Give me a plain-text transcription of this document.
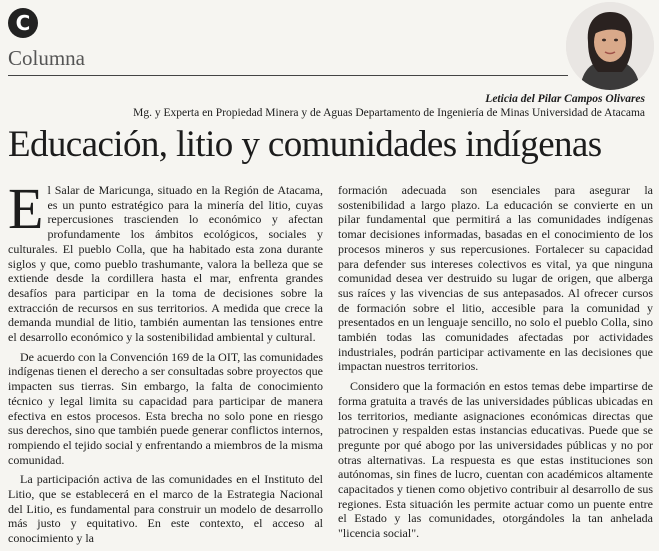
C
Columna
Leticia del Pilar Campos Olivares
Mg. y Experta en Propiedad Minera y de Aguas Departamento de Ingeniería de Minas Universidad de Atacama
Educación, litio y comunidades indígenas

E l Salar de Maricunga, situado en la Región de Atacama, es un punto estratégico para la minería del litio, cuyas repercusiones trascienden lo económico y afectan profundamente los ámbitos ecológicos, sociales y culturales. El pueblo Colla, que ha habitado esta zona durante siglos y que, como pueblo trashumante, valora la belleza que se extiende desde la cordillera hasta el mar, enfrenta grandes desafíos para participar en la toma de decisiones sobre la extracción de recursos en sus territorios. A medida que crece la demanda mundial de litio, también aumentan las tensiones entre el desarrollo económico y la sostenibilidad ambiental y cultural.

De acuerdo con la Convención 169 de la OIT, las comunidades indígenas tienen el derecho a ser consultadas sobre proyectos que impacten sus tierras. Sin embargo, la falta de conocimiento técnico y legal limita su capacidad para participar de manera efectiva en estos procesos. Esta brecha no solo pone en riesgo sus derechos, sino que también puede generar conflictos internos, rompiendo el tejido social y enfrentando a miembros de la misma comunidad.

La participación activa de las comunidades en el Instituto del Litio, que se establecerá en el marco de la Estrategia Nacional del Litio, es fundamental para construir un modelo de desarrollo más justo y equitativo. En este contexto, el acceso al conocimiento y la

formación adecuada son esenciales para asegurar la sostenibilidad a largo plazo. La educación se convierte en un pilar fundamental que permitirá a las comunidades indígenas tomar decisiones informadas, basadas en el conocimiento de los procesos mineros y sus repercusiones. Fortalecer su capacidad para defender sus intereses colectivos es vital, ya que ninguna comunidad desea ver destruido su lugar de origen, que alberga sus raíces y las vivencias de sus antepasados. Al ofrecer cursos de formación sobre el litio, accesible para la comunidad y presentados en un lenguaje sencillo, no solo el pueblo Colla, sino también todas las comunidades afectadas por actividades industriales, podrán participar activamente en las decisiones que impactan nuestros territorios.

Considero que la formación en estos temas debe impartirse de forma gratuita a través de las universidades públicas ubicadas en los territorios, mediante asignaciones económicas directas que patrocinen y respalden estas instancias educativas. Puede que se pregunte por qué abogo por las universidades públicas y no por otras alternativas. La respuesta es que estas instituciones son autónomas, sin fines de lucro, cuentan con académicos altamente capacitados y tienen como objetivo contribuir al desarrollo de sus regiones. Esta situación les permite actuar como un puente entre el Estado y las comunidades, otorgándoles la tan anhelada "licencia social".
